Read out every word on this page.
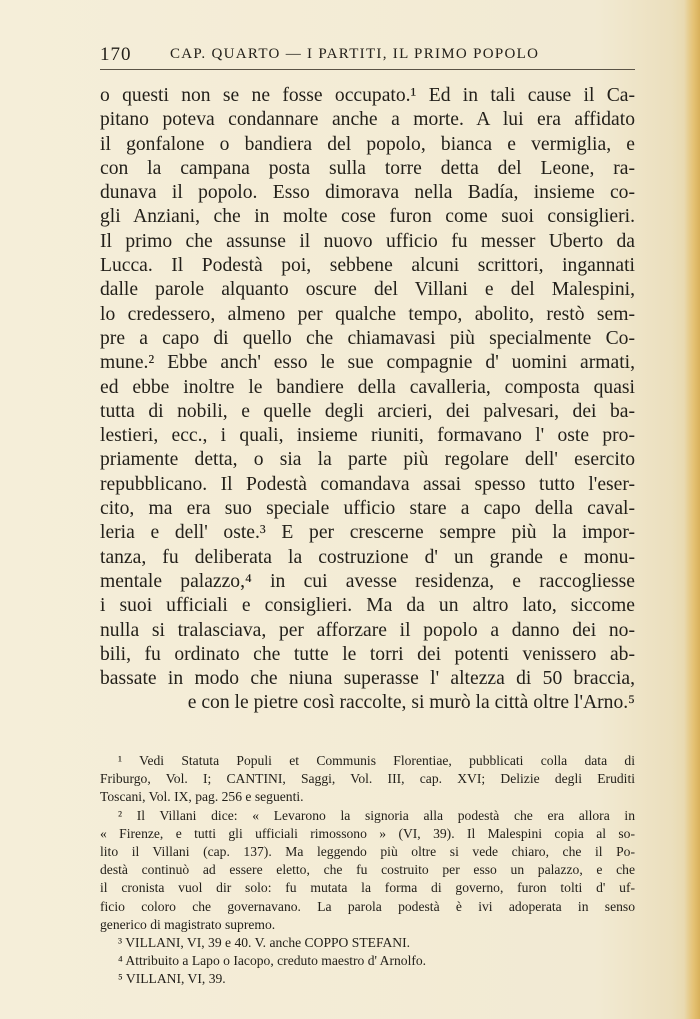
170	CAP. QUARTO — I PARTITI, IL PRIMO POPOLO
o questi non se ne fosse occupato.¹ Ed in tali cause il Ca-
pitano poteva condannare anche a morte. A lui era affidato
il gonfalone o bandiera del popolo, bianca e vermiglia, e
con la campana posta sulla torre detta del Leone, ra-
dunava il popolo. Esso dimorava nella Badía, insieme co-
gli Anziani, che in molte cose furon come suoi consiglieri.
Il primo che assunse il nuovo ufficio fu messer Uberto da
Lucca. Il Podestà poi, sebbene alcuni scrittori, ingannati
dalle parole alquanto oscure del Villani e del Malespini,
lo credessero, almeno per qualche tempo, abolito, restò sem-
pre a capo di quello che chiamavasi più specialmente Co-
mune.² Ebbe anch' esso le sue compagnie d' uomini armati,
ed ebbe inoltre le bandiere della cavalleria, composta quasi
tutta di nobili, e quelle degli arcieri, dei palvesari, dei ba-
lestieri, ecc., i quali, insieme riuniti, formavano l' oste pro-
priamente detta, o sia la parte più regolare dell' esercito
repubblicano. Il Podestà comandava assai spesso tutto l'eser-
cito, ma era suo speciale ufficio stare a capo della caval-
leria e dell' oste.³ E per crescerne sempre più la impor-
tanza, fu deliberata la costruzione d' un grande e monu-
mentale palazzo,⁴ in cui avesse residenza, e raccogliesse
i suoi ufficiali e consiglieri. Ma da un altro lato, siccome
nulla si tralasciava, per afforzare il popolo a danno dei no-
bili, fu ordinato che tutte le torri dei potenti venissero ab-
bassate in modo che niuna superasse l' altezza di 50 braccia,
e con le pietre così raccolte, si murò la città oltre l'Arno.⁵
¹ Vedi Statuta Populi et Communis Florentiae, pubblicati colla data di
Friburgo, Vol. I; CANTINI, Saggi, Vol. III, cap. XVI; Delizie degli Eruditi
Toscani, Vol. IX, pag. 256 e seguenti.
² Il Villani dice: « Levarono la signoria alla podestà che era allora in
« Firenze, e tutti gli ufficiali rimossono » (VI, 39). Il Malespini copia al so-
lito il Villani (cap. 137). Ma leggendo più oltre si vede chiaro, che il Po-
destà continuò ad essere eletto, che fu costruito per esso un palazzo, e che
il cronista vuol dir solo: fu mutata la forma di governo, furon tolti d' uf-
ficio coloro che governavano. La parola podestà è ivi adoperata in senso
generico di magistrato supremo.
³ VILLANI, VI, 39 e 40. V. anche COPPO STEFANI.
⁴ Attribuito a Lapo o Iacopo, creduto maestro d' Arnolfo.
⁵ VILLANI, VI, 39.
